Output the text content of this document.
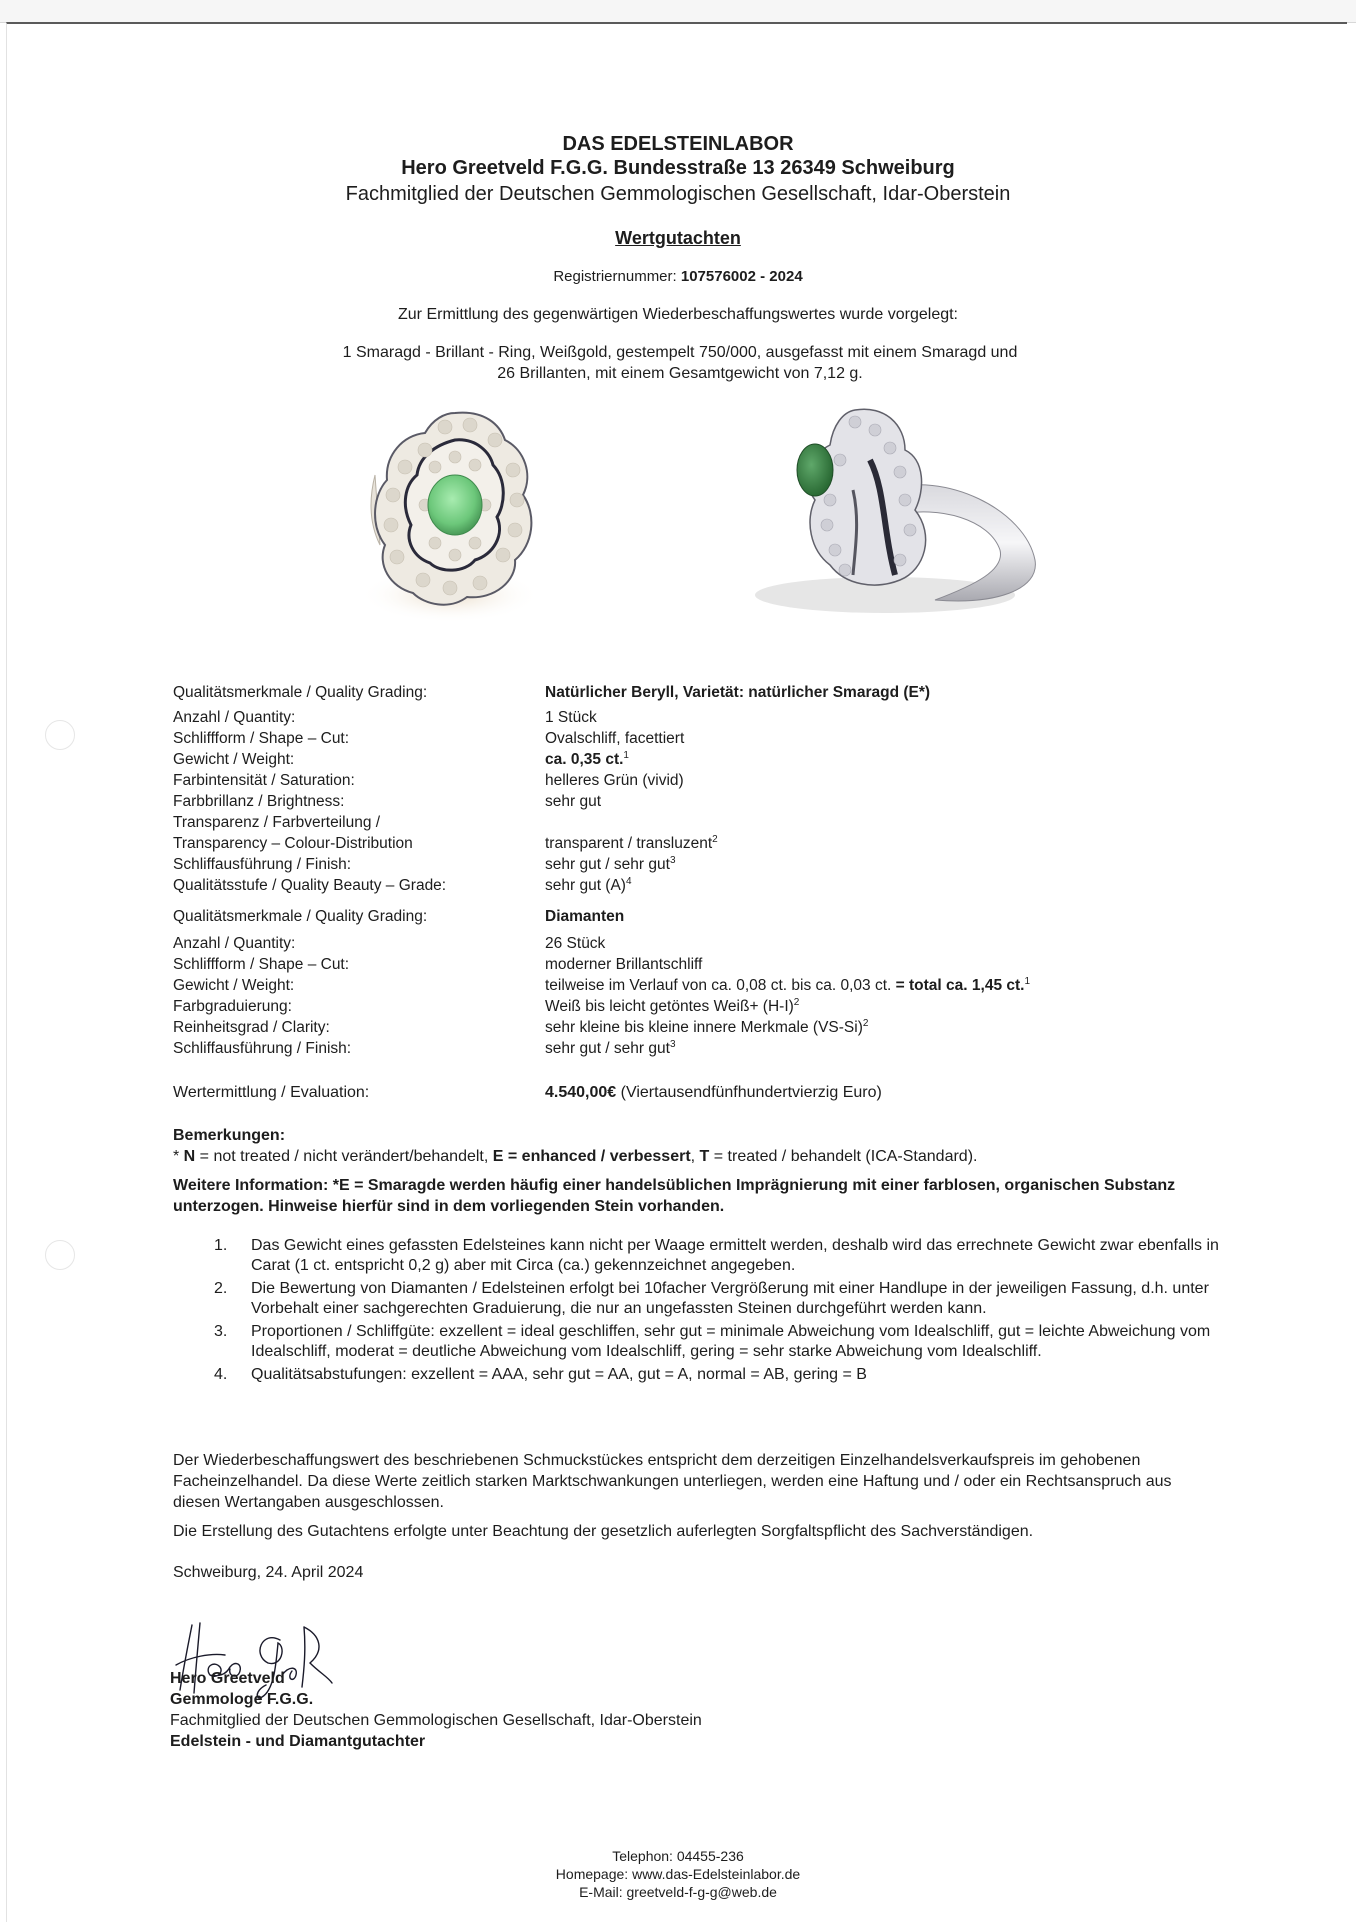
DAS EDELSTEINLABOR
Hero Greetveld F.G.G. Bundesstraße 13 26349 Schweiburg
Fachmitglied der Deutschen Gemmologischen Gesellschaft, Idar-Oberstein
Wertgutachten
Registriernummer: 107576002 - 2024
Zur Ermittlung des gegenwärtigen Wiederbeschaffungswertes wurde vorgelegt:
1 Smaragd - Brillant - Ring, Weißgold, gestempelt 750/000, ausgefasst mit einem Smaragd und
26 Brillanten, mit einem Gesamtgewicht von 7,12 g.
Qualitätsmerkmale / Quality Grading:	Natürlicher Beryll, Varietät: natürlicher Smaragd (E*)
Anzahl / Quantity:	1 Stück
Schliffform / Shape – Cut:	Ovalschliff, facettiert
Gewicht / Weight:	ca. 0,35 ct.$^1$
Farbintensität / Saturation:	helleres Grün (vivid)
Farbbrillanz / Brightness:	sehr gut
Transparenz / Farbverteilung /
Transparency – Colour-Distribution	transparent / transluzent$^2$
Schliffausführung / Finish:	sehr gut / sehr gut$^3$
Qualitätsstufe / Quality Beauty – Grade:	sehr gut $(A)^4$
Qualitätsmerkmale / Quality Grading:	Diamanten
Anzahl / Quantity:	26 Stück
Schliffform / Shape – Cut:	moderner Brillantschliff
Gewicht / Weight:	teilweise im Verlauf von ca. 0,08 ct. bis ca. 0,03 ct. = total ca. 1,45 ct.$^1$
Farbgraduierung:	Weiß bis leicht getöntes Weiß+ $(H-I)^2$
Reinheitsgrad / Clarity:	sehr kleine bis kleine innere Merkmale $(VS-Si)^2$
Schliffausführung / Finish:	sehr gut / sehr gut$^3$
Wertermittlung / Evaluation:	4.540,00€ (Viertausendfünfhundertvierzig Euro)
Bemerkungen:
* N = not treated / nicht verändert/behandelt, E = enhanced / verbessert, T = treated / behandelt (ICA-Standard).
Weitere Information: *E = Smaragde werden häufig einer handelsüblichen Imprägnierung mit einer farblosen, organischen Substanz unterzogen. Hinweise hierfür sind in dem vorliegenden Stein vorhanden.
1.	Das Gewicht eines gefassten Edelsteines kann nicht per Waage ermittelt werden, deshalb wird das errechnete Gewicht zwar ebenfalls in Carat (1 ct. entspricht 0,2 g) aber mit Circa (ca.) gekennzeichnet angegeben.
2.	Die Bewertung von Diamanten / Edelsteinen erfolgt bei 10facher Vergrößerung mit einer Handlupe in der jeweiligen Fassung, d.h. unter Vorbehalt einer sachgerechten Graduierung, die nur an ungefassten Steinen durchgeführt werden kann.
3.	Proportionen / Schliffgüte: exzellent = ideal geschliffen, sehr gut = minimale Abweichung vom Idealschliff, gut = leichte Abweichung vom Idealschliff, moderat = deutliche Abweichung vom Idealschliff, gering = sehr starke Abweichung vom Idealschliff.
4.	Qualitätsabstufungen: exzellent = AAA, sehr gut = AA, gut = A, normal = AB, gering = B
Der Wiederbeschaffungswert des beschriebenen Schmuckstückes entspricht dem derzeitigen Einzelhandelsverkaufspreis im gehobenen Facheinzelhandel. Da diese Werte zeitlich starken Marktschwankungen unterliegen, werden eine Haftung und / oder ein Rechtsanspruch aus diesen Wertangaben ausgeschlossen.
Die Erstellung des Gutachtens erfolgte unter Beachtung der gesetzlich auferlegten Sorgfaltspflicht des Sachverständigen.
Schweiburg, 24. April 2024
Hero Greetveld
Gemmologe F.G.G.
Fachmitglied der Deutschen Gemmologischen Gesellschaft, Idar-Oberstein
Edelstein - und Diamantgutachter
Telephon: 04455-236
Homepage: www.das-Edelsteinlabor.de
E-Mail: greetveld-f-g-g@web.de
